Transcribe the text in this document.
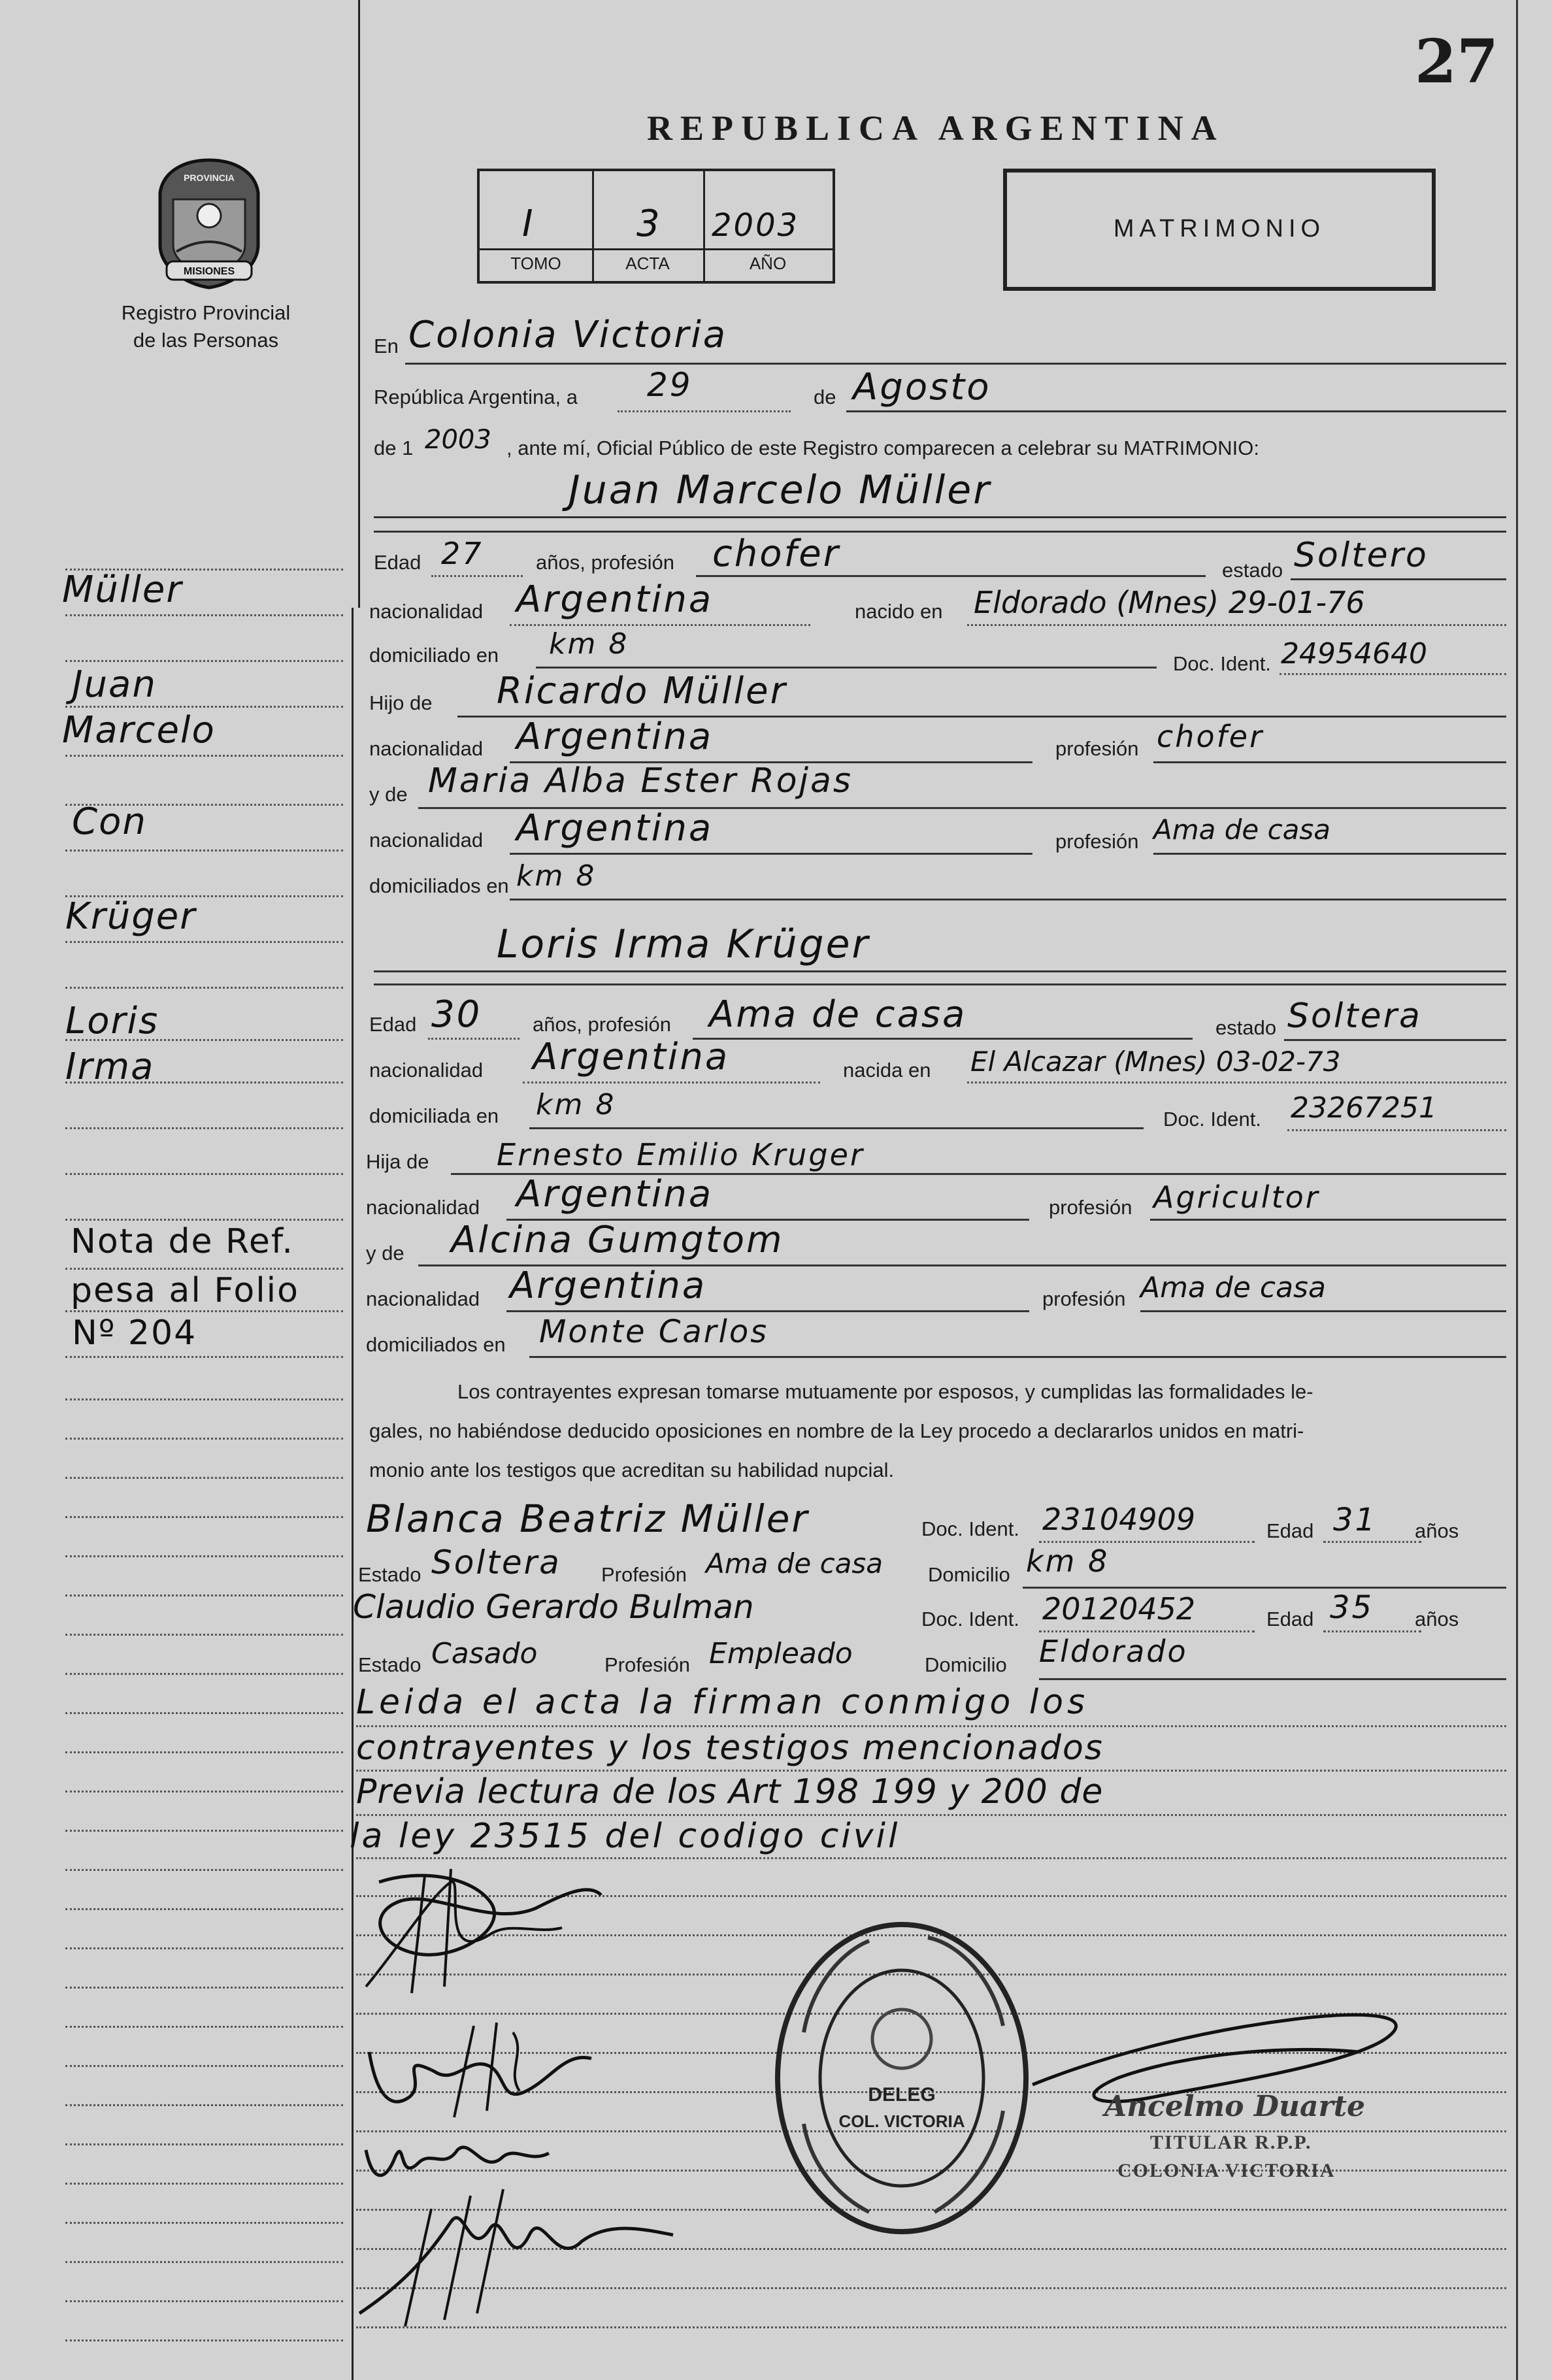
27
REPUBLICA ARGENTINA
MISIONES
PROVINCIA
Registro Provincial
de las Personas
I	3 2003
TOMO	ACTA	AÑO
MATRIMONIO
En Colonia Victoria
República Argentina, a 29	de Agosto
de 1 2003 , ante mí, Oficial Público de este Registro comparecen a celebrar su MATRIMONIO:
Juan Marcelo Müller
Edad 27	años, profesión chofer	estado Soltero
nacionalidad Argentina	nacido en Eldorado (Mnes) 29-01-76
domiciliado en km 8
Doc. Ident. 24954640
Hijo de Ricardo Müller
nacionalidad Argentina	profesión chofer
y de Maria Alba Ester Rojas
nacionalidad Argentina	profesión Ama de casa
domiciliados en km 8
Loris Irma Krüger
Edad 30	años, profesión Ama de casa	estado Soltera
nacionalidad Argentina	nacida en El Alcazar (Mnes) 03-02-73
domiciliada en km 8	Doc. Ident. 23267251
Hija de Ernesto Emilio Kruger
nacionalidad Argentina	profesión Agricultor
y de Alcina Gumgtom
nacionalidad Argentina	profesión Ama de casa
domiciliados en Monte Carlos
Los contrayentes expresan tomarse mutuamente por esposos, y cumplidas las formalidades le-
gales, no habiéndose deducido oposiciones en nombre de la Ley procedo a declararlos unidos en matri-
monio ante los testigos que acreditan su habilidad nupcial.
Blanca Beatriz Müller	Doc. Ident. 23104909	Edad 31 años
Estado Soltera Profesión Ama de casa Domicilio km 8
Claudio Gerardo Bulman	Doc. Ident. 20120452	Edad 35 años
Estado Casado	Profesión Empleado	Domicilio Eldorado
Leida el acta la firman conmigo los
contrayentes y los testigos mencionados
Previa lectura de los Art 198 199 y 200 de
la ley 23515 del codigo civil
Müller
Juan
Marcelo
Con
Krüger
Loris
Irma
Nota de Ref.
pesa al Folio
Nº 204
DELEG
COL. VICTORIA	Ancelmo Duarte
TITULAR R.P.P.
COLONIA VICTORIA
